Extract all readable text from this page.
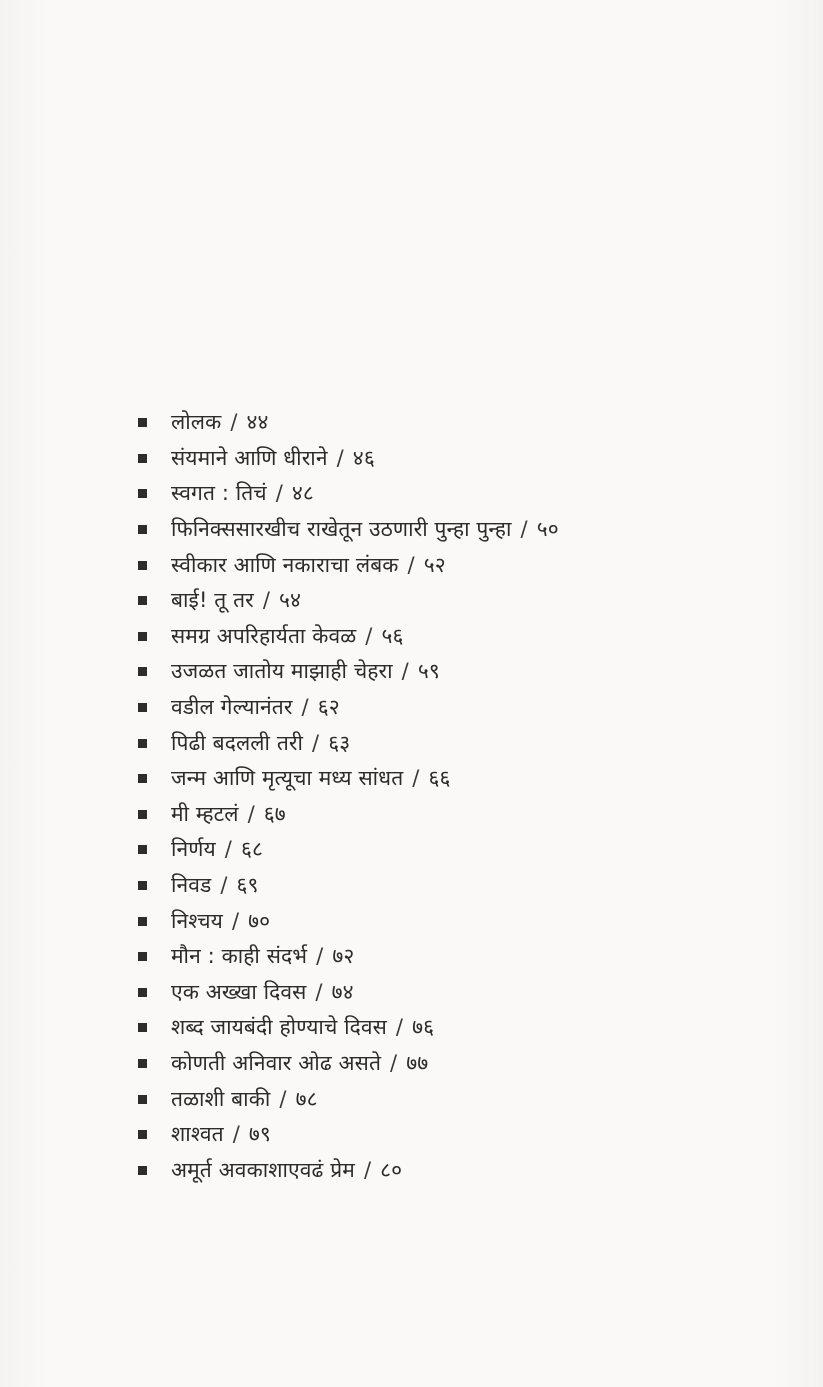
लोलक / ४४
संयमाने आणि धीराने / ४६
स्वगत : तिचं / ४८
फिनिक्ससारखीच राखेतून उठणारी पुन्हा पुन्हा / ५०
स्वीकार आणि नकाराचा लंबक / ५२
बाई! तू तर / ५४
समग्र अपरिहार्यता केवळ / ५६
उजळत जातोय माझाही चेहरा / ५९
वडील गेल्यानंतर / ६२
पिढी बदलली तरी / ६३
जन्म आणि मृत्यूचा मध्य सांधत / ६६
मी म्हटलं / ६७
निर्णय / ६८
निवड / ६९
निश्चय / ७०
मौन : काही संदर्भ / ७२
एक अख्खा दिवस / ७४
शब्द जायबंदी होण्याचे दिवस / ७६
कोणती अनिवार ओढ असते / ७७
तळाशी बाकी / ७८
शाश्वत / ७९
अमूर्त अवकाशाएवढं प्रेम / ८०
